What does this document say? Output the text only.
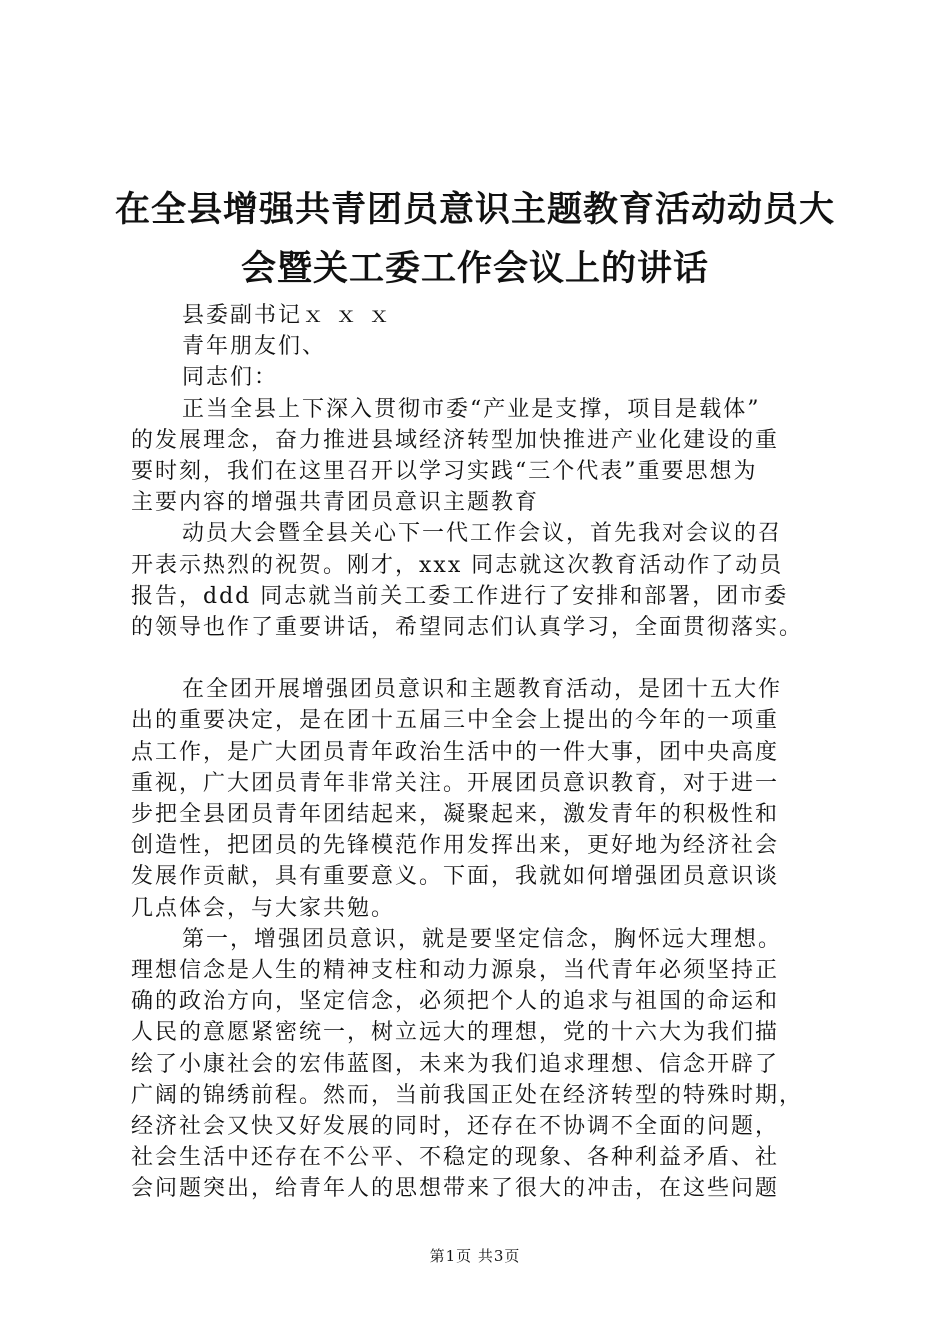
在全县增强共青团员意识主题教育活动动员大
会暨关工委工作会议上的讲话
县委副书记ｘ ｘ ｘ
青年朋友们、
同志们：
正当全县上下深入贯彻市委“产业是支撑，项目是载体”
的发展理念，奋力推进县域经济转型加快推进产业化建设的重
要时刻，我们在这里召开以学习实践“三个代表”重要思想为
主要内容的增强共青团员意识主题教育
动员大会暨全县关心下一代工作会议，首先我对会议的召
开表示热烈的祝贺。刚才，xxx 同志就这次教育活动作了动员
报告，ddd 同志就当前关工委工作进行了安排和部署，团市委
的领导也作了重要讲话，希望同志们认真学习，全面贯彻落实。
在全团开展增强团员意识和主题教育活动，是团十五大作
出的重要决定，是在团十五届三中全会上提出的今年的一项重
点工作，是广大团员青年政治生活中的一件大事，团中央高度
重视，广大团员青年非常关注。开展团员意识教育，对于进一
步把全县团员青年团结起来，凝聚起来，激发青年的积极性和
创造性，把团员的先锋模范作用发挥出来，更好地为经济社会
发展作贡献，具有重要意义。下面，我就如何增强团员意识谈
几点体会，与大家共勉。
第一，增强团员意识，就是要坚定信念，胸怀远大理想。
理想信念是人生的精神支柱和动力源泉，当代青年必须坚持正
确的政治方向，坚定信念，必须把个人的追求与祖国的命运和
人民的意愿紧密统一，树立远大的理想，党的十六大为我们描
绘了小康社会的宏伟蓝图，未来为我们追求理想、信念开辟了
广阔的锦绣前程。然而，当前我国正处在经济转型的特殊时期，
经济社会又快又好发展的同时，还存在不协调不全面的问题，
社会生活中还存在不公平、不稳定的现象、各种利益矛盾、社
会问题突出，给青年人的思想带来了很大的冲击，在这些问题
第1页 共3页
